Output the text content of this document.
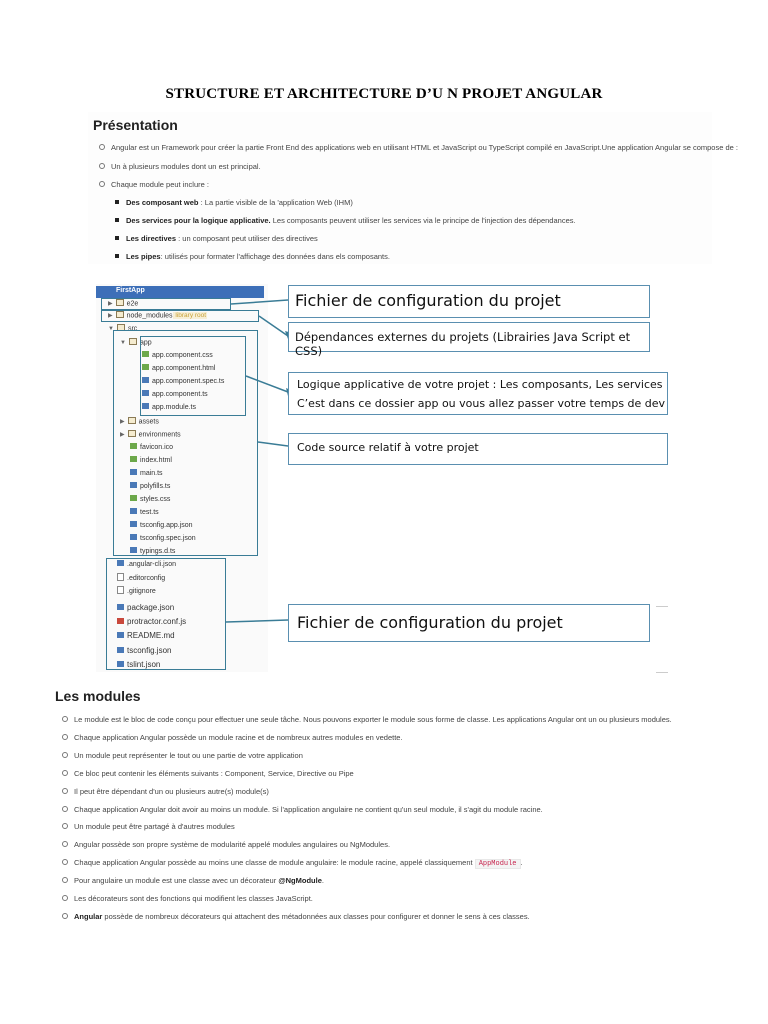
STRUCTURE ET ARCHITECTURE D’U N PROJET ANGULAR
Présentation
Angular est un Framework pour créer la partie Front End des applications web en utilisant HTML et JavaScript ou TypeScript compilé en JavaScript.Une application Angular se compose de :
Un à plusieurs modules dont un est principal.
Chaque module peut inclure :
Des composant web : La partie visible de la 'application Web (IHM)
Des services pour la logique applicative. Les composants peuvent utiliser les services via le principe de l'injection des dépendances.
Les directives : un composant peut utiliser des directives
Les pipes: utilisés pour formater l'affichage des données dans els composants.
FirstApp
▶ e2e
▶ node_modules library root
▼ src
▼ app
app.component.css
app.component.html
app.component.spec.ts
app.component.ts
app.module.ts
▶ assets
▶ environments
favicon.ico
index.html
main.ts
polyfills.ts
styles.css
test.ts
tsconfig.app.json
tsconfig.spec.json
typings.d.ts
.angular-cli.json
.editorconfig
.gitignore
package.json
protractor.conf.js
README.md
tsconfig.json
tslint.json
Fichier de configuration du projet
Dépendances externes du projets (Librairies Java Script et CSS)
Logique applicative de votre projet : Les composants, Les services
C’est dans ce dossier app ou vous allez passer votre temps de dev
Code source relatif à votre projet
Fichier de configuration du projet
Les modules
Le module est le bloc de code conçu pour effectuer une seule tâche. Nous pouvons exporter le module sous forme de classe. Les applications Angular ont un ou plusieurs modules.
Chaque application Angular possède un module racine et de nombreux autres modules en vedette.
Un module peut représenter le tout ou une partie de votre application
Ce bloc peut contenir les éléments suivants : Component, Service, Directive ou Pipe
Il peut être dépendant d'un ou plusieurs autre(s) module(s)
Chaque application Angular doit avoir au moins un module. Si l'application angulaire ne contient qu'un seul module, il s'agit du module racine.
Un module peut être partagé à d'autres modules
Angular possède son propre système de modularité appelé modules angulaires ou NgModules.
Chaque application Angular possède au moins une classe de module angulaire: le module racine, appelé classiquement AppModule .
Pour angulaire un module est une classe avec un décorateur @NgModule.
Les décorateurs sont des fonctions qui modifient les classes JavaScript.
Angular possède de nombreux décorateurs qui attachent des métadonnées aux classes pour configurer et donner le sens à ces classes.
